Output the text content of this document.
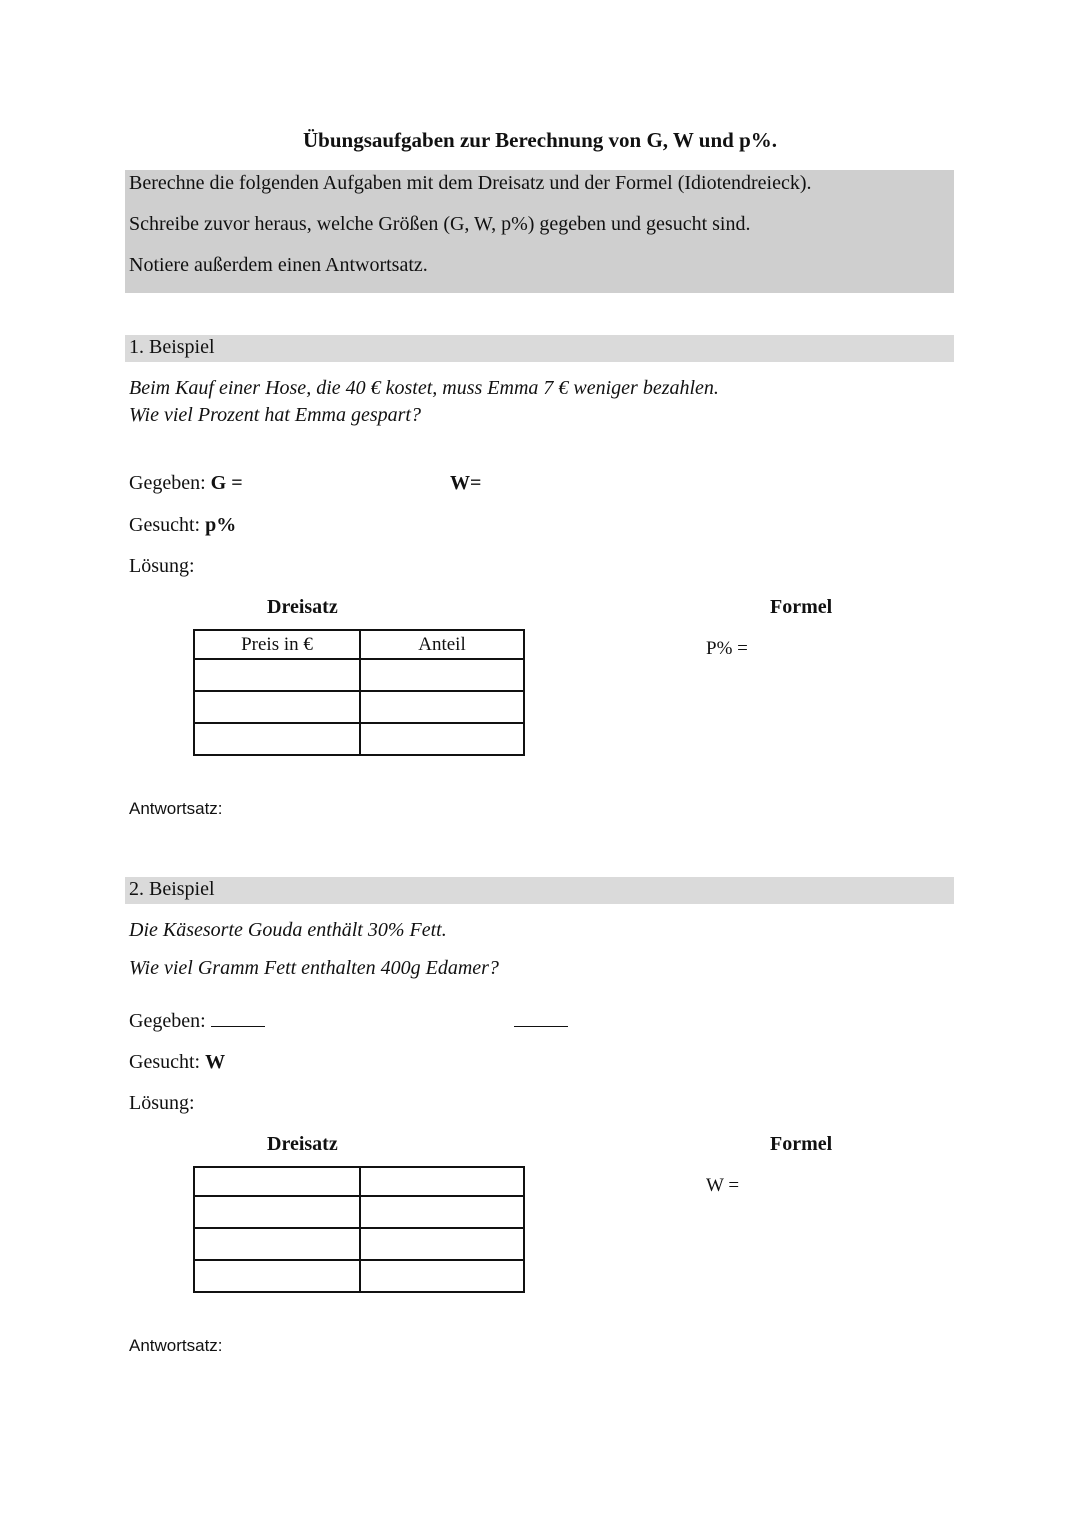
Übungsaufgaben zur Berechnung von G, W und p%.
Berechne die folgenden Aufgaben mit dem Dreisatz und der Formel (Idiotendreieck).
Schreibe zuvor heraus, welche Größen (G, W, p%) gegeben und gesucht sind.
Notiere außerdem einen Antwortsatz.
1. Beispiel
Beim Kauf einer Hose, die 40 € kostet, muss Emma 7 € weniger bezahlen.
Wie viel Prozent hat Emma gespart?
Gegeben: G =	W=
Gesucht: p%
Lösung:
Dreisatz	Formel
Preis in €	Anteil

		P% =
Antwortsatz:
2. Beispiel
Die Käsesorte Gouda enthält 30% Fett.
Wie viel Gramm Fett enthalten 400g Edamer?
Gegeben:
Gesucht: W
Lösung:
Dreisatz	Formel

W =
Antwortsatz:
